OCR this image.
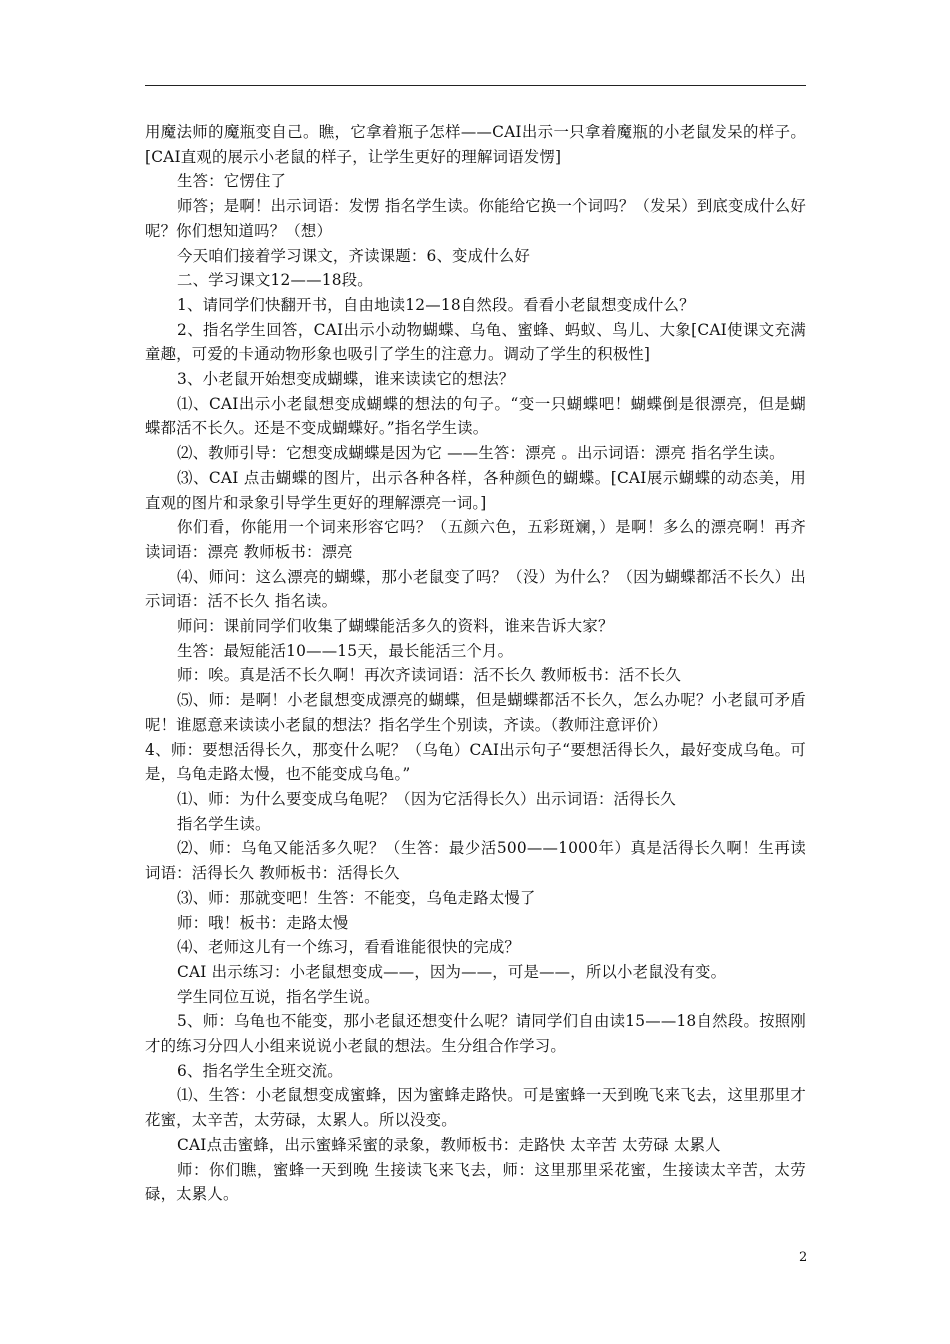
用魔法师的魔瓶变自己。瞧，它拿着瓶子怎样——CAI出示一只拿着魔瓶的小老鼠发呆的样子。[CAI直观的展示小老鼠的样子，让学生更好的理解词语发愣]

生答：它愣住了

师答；是啊！出示词语：发愣 指名学生读。你能给它换一个词吗？（发呆）到底变成什么好呢？你们想知道吗？（想）

今天咱们接着学习课文，齐读课题：6、变成什么好

二、学习课文12——18段。

1、请同学们快翻开书，自由地读12—18自然段。看看小老鼠想变成什么？

2、指名学生回答，CAI出示小动物蝴蝶、乌龟、蜜蜂、蚂蚁、鸟儿、大象[CAI使课文充满童趣，可爱的卡通动物形象也吸引了学生的注意力。调动了学生的积极性]

3、小老鼠开始想变成蝴蝶，谁来读读它的想法？

⑴、CAI出示小老鼠想变成蝴蝶的想法的句子。“变一只蝴蝶吧！蝴蝶倒是很漂亮，但是蝴蝶都活不长久。还是不变成蝴蝶好。”指名学生读。

⑵、教师引导：它想变成蝴蝶是因为它 ——生答：漂亮 。出示词语：漂亮 指名学生读。

⑶、CAI 点击蝴蝶的图片，出示各种各样，各种颜色的蝴蝶。[CAI展示蝴蝶的动态美，用直观的图片和录象引导学生更好的理解漂亮一词。]

你们看，你能用一个词来形容它吗？（五颜六色，五彩斑斓，）是啊！多么的漂亮啊！再齐读词语：漂亮 教师板书：漂亮

⑷、师问：这么漂亮的蝴蝶，那小老鼠变了吗？（没）为什么？（因为蝴蝶都活不长久）出示词语：活不长久 指名读。

师问：课前同学们收集了蝴蝶能活多久的资料，谁来告诉大家？

生答：最短能活10——15天，最长能活三个月。

师：唉。真是活不长久啊！再次齐读词语：活不长久 教师板书：活不长久

⑸、师：是啊！小老鼠想变成漂亮的蝴蝶，但是蝴蝶都活不长久，怎么办呢？小老鼠可矛盾呢！谁愿意来读读小老鼠的想法？指名学生个别读，齐读。（教师注意评价）

4、师：要想活得长久，那变什么呢？（乌龟）CAI出示句子“要想活得长久，最好变成乌龟。可是，乌龟走路太慢，也不能变成乌龟。”

⑴、师：为什么要变成乌龟呢？（因为它活得长久）出示词语：活得长久

指名学生读。

⑵、师：乌龟又能活多久呢？（生答：最少活500——1000年）真是活得长久啊！生再读词语：活得长久 教师板书：活得长久

⑶、师：那就变吧！生答：不能变，乌龟走路太慢了

师：哦！板书：走路太慢

⑷、老师这儿有一个练习，看看谁能很快的完成？

CAI 出示练习：小老鼠想变成——，因为——，可是——，所以小老鼠没有变。

学生同位互说，指名学生说。

5、师：乌龟也不能变，那小老鼠还想变什么呢？请同学们自由读15——18自然段。按照刚才的练习分四人小组来说说小老鼠的想法。生分组合作学习。

6、指名学生全班交流。

⑴、生答：小老鼠想变成蜜蜂，因为蜜蜂走路快。可是蜜蜂一天到晚飞来飞去，这里那里才花蜜，太辛苦，太劳碌，太累人。所以没变。

CAI点击蜜蜂，出示蜜蜂采蜜的录象，教师板书：走路快 太辛苦 太劳碌 太累人

师：你们瞧，蜜蜂一天到晚 生接读飞来飞去，师：这里那里采花蜜，生接读太辛苦，太劳碌，太累人。

2
